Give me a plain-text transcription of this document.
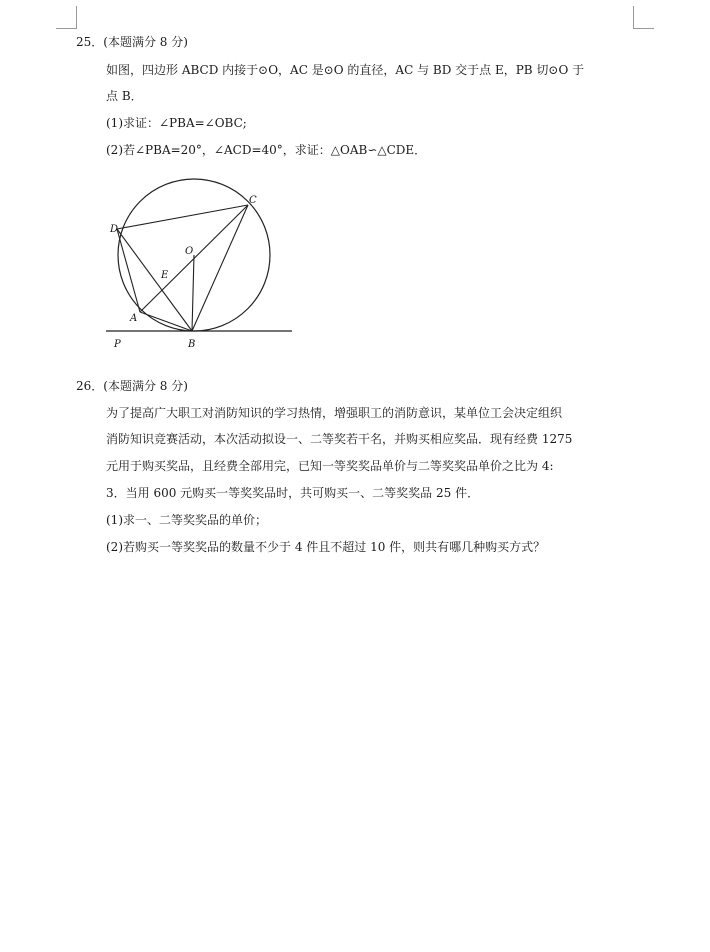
25．(本题满分 8 分)
如图，四边形 ABCD 内接于⊙O，AC 是⊙O 的直径，AC 与 BD 交于点 E，PB 切⊙O 于
点 B．
(1)求证：∠PBA=∠OBC;
(2)若∠PBA=20°，∠ACD=40°，求证：△OAB∽△CDE．
C
D
O
E
A
P	B
26．(本题满分 8 分)
为了提高广大职工对消防知识的学习热情，增强职工的消防意识，某单位工会决定组织
消防知识竞赛活动，本次活动拟设一、二等奖若干名，并购买相应奖品．现有经费 1275
元用于购买奖品，且经费全部用完，已知一等奖奖品单价与二等奖奖品单价之比为 4:
3．当用 600 元购买一等奖奖品时，共可购买一、二等奖奖品 25 件．
(1)求一、二等奖奖品的单价；
(2)若购买一等奖奖品的数量不少于 4 件且不超过 10 件，则共有哪几种购买方式？
